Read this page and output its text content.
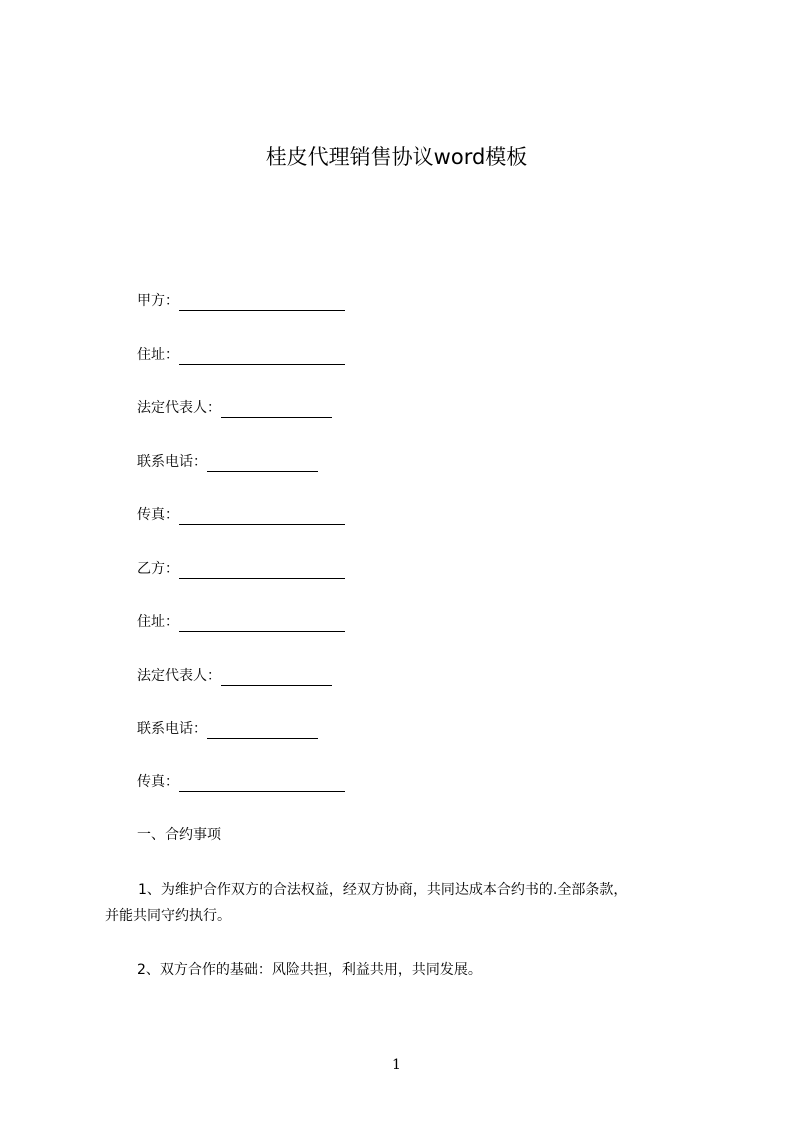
桂皮代理销售协议word模板
甲方：
住址：
法定代表人：
联系电话：
传真：
乙方：
住址：
法定代表人：
联系电话：
传真：
一、合约事项
1、为维护合作双方的合法权益，经双方协商，共同达成本合约书的.全部条款，
并能共同守约执行。
2、双方合作的基础：风险共担，利益共用，共同发展。
1
